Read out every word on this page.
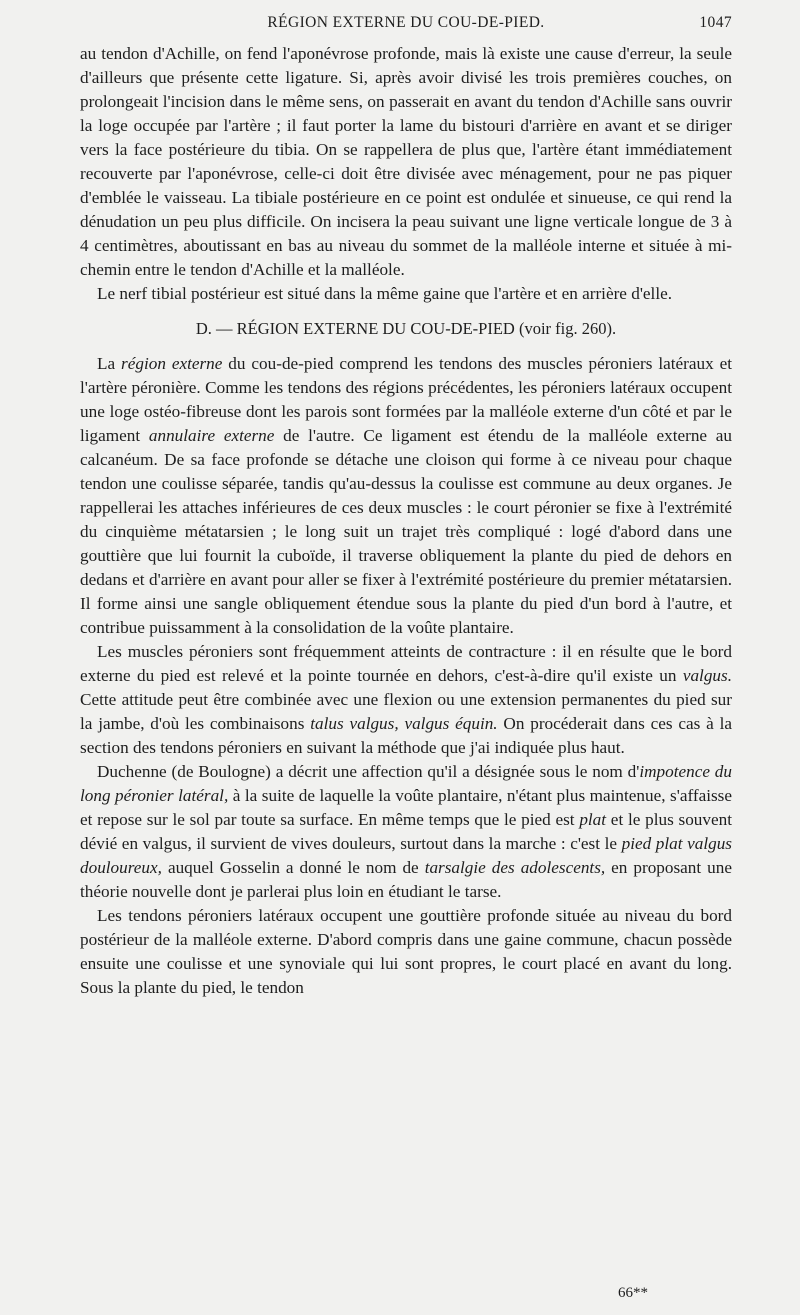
RÉGION EXTERNE DU COU-DE-PIED.	1047

au tendon d'Achille, on fend l'aponévrose profonde, mais là existe une cause d'erreur, la seule d'ailleurs que présente cette ligature. Si, après avoir divisé les trois premières couches, on prolongeait l'incision dans le même sens, on passerait en avant du tendon d'Achille sans ouvrir la loge occupée par l'artère ; il faut porter la lame du bistouri d'arrière en avant et se diriger vers la face postérieure du tibia. On se rappellera de plus que, l'artère étant immédiatement recouverte par l'aponévrose, celle-ci doit être divisée avec ménagement, pour ne pas piquer d'emblée le vaisseau. La tibiale postérieure en ce point est ondulée et sinueuse, ce qui rend la dénudation un peu plus difficile. On incisera la peau suivant une ligne verticale longue de 3 à 4 centimètres, aboutissant en bas au niveau du sommet de la malléole interne et située à mi-chemin entre le tendon d'Achille et la malléole.

Le nerf tibial postérieur est situé dans la même gaine que l'artère et en arrière d'elle.

D. — RÉGION EXTERNE DU COU-DE-PIED (voir fig. 260).

La région externe du cou-de-pied comprend les tendons des muscles péroniers latéraux et l'artère péronière. Comme les tendons des régions précédentes, les péroniers latéraux occupent une loge ostéo-fibreuse dont les parois sont formées par la malléole externe d'un côté et par le ligament annulaire externe de l'autre. Ce ligament est étendu de la malléole externe au calcanéum. De sa face profonde se détache une cloison qui forme à ce niveau pour chaque tendon une coulisse séparée, tandis qu'au-dessus la coulisse est commune au deux organes. Je rappellerai les attaches inférieures de ces deux muscles : le court péronier se fixe à l'extrémité du cinquième métatarsien ; le long suit un trajet très compliqué : logé d'abord dans une gouttière que lui fournit la cuboïde, il traverse obliquement la plante du pied de dehors en dedans et d'arrière en avant pour aller se fixer à l'extrémité postérieure du premier métatarsien. Il forme ainsi une sangle obliquement étendue sous la plante du pied d'un bord à l'autre, et contribue puissamment à la consolidation de la voûte plantaire.

Les muscles péroniers sont fréquemment atteints de contracture : il en résulte que le bord externe du pied est relevé et la pointe tournée en dehors, c'est-à-dire qu'il existe un valgus. Cette attitude peut être combinée avec une flexion ou une extension permanentes du pied sur la jambe, d'où les combinaisons talus valgus, valgus équin. On procéderait dans ces cas à la section des tendons péroniers en suivant la méthode que j'ai indiquée plus haut.

Duchenne (de Boulogne) a décrit une affection qu'il a désignée sous le nom d'impotence du long péronier latéral, à la suite de laquelle la voûte plantaire, n'étant plus maintenue, s'affaisse et repose sur le sol par toute sa surface. En même temps que le pied est plat et le plus souvent dévié en valgus, il survient de vives douleurs, surtout dans la marche : c'est le pied plat valgus douloureux, auquel Gosselin a donné le nom de tarsalgie des adolescents, en proposant une théorie nouvelle dont je parlerai plus loin en étudiant le tarse.

Les tendons péroniers latéraux occupent une gouttière profonde située au niveau du bord postérieur de la malléole externe. D'abord compris dans une gaine commune, chacun possède ensuite une coulisse et une synoviale qui lui sont propres, le court placé en avant du long. Sous la plante du pied, le tendon

66**
